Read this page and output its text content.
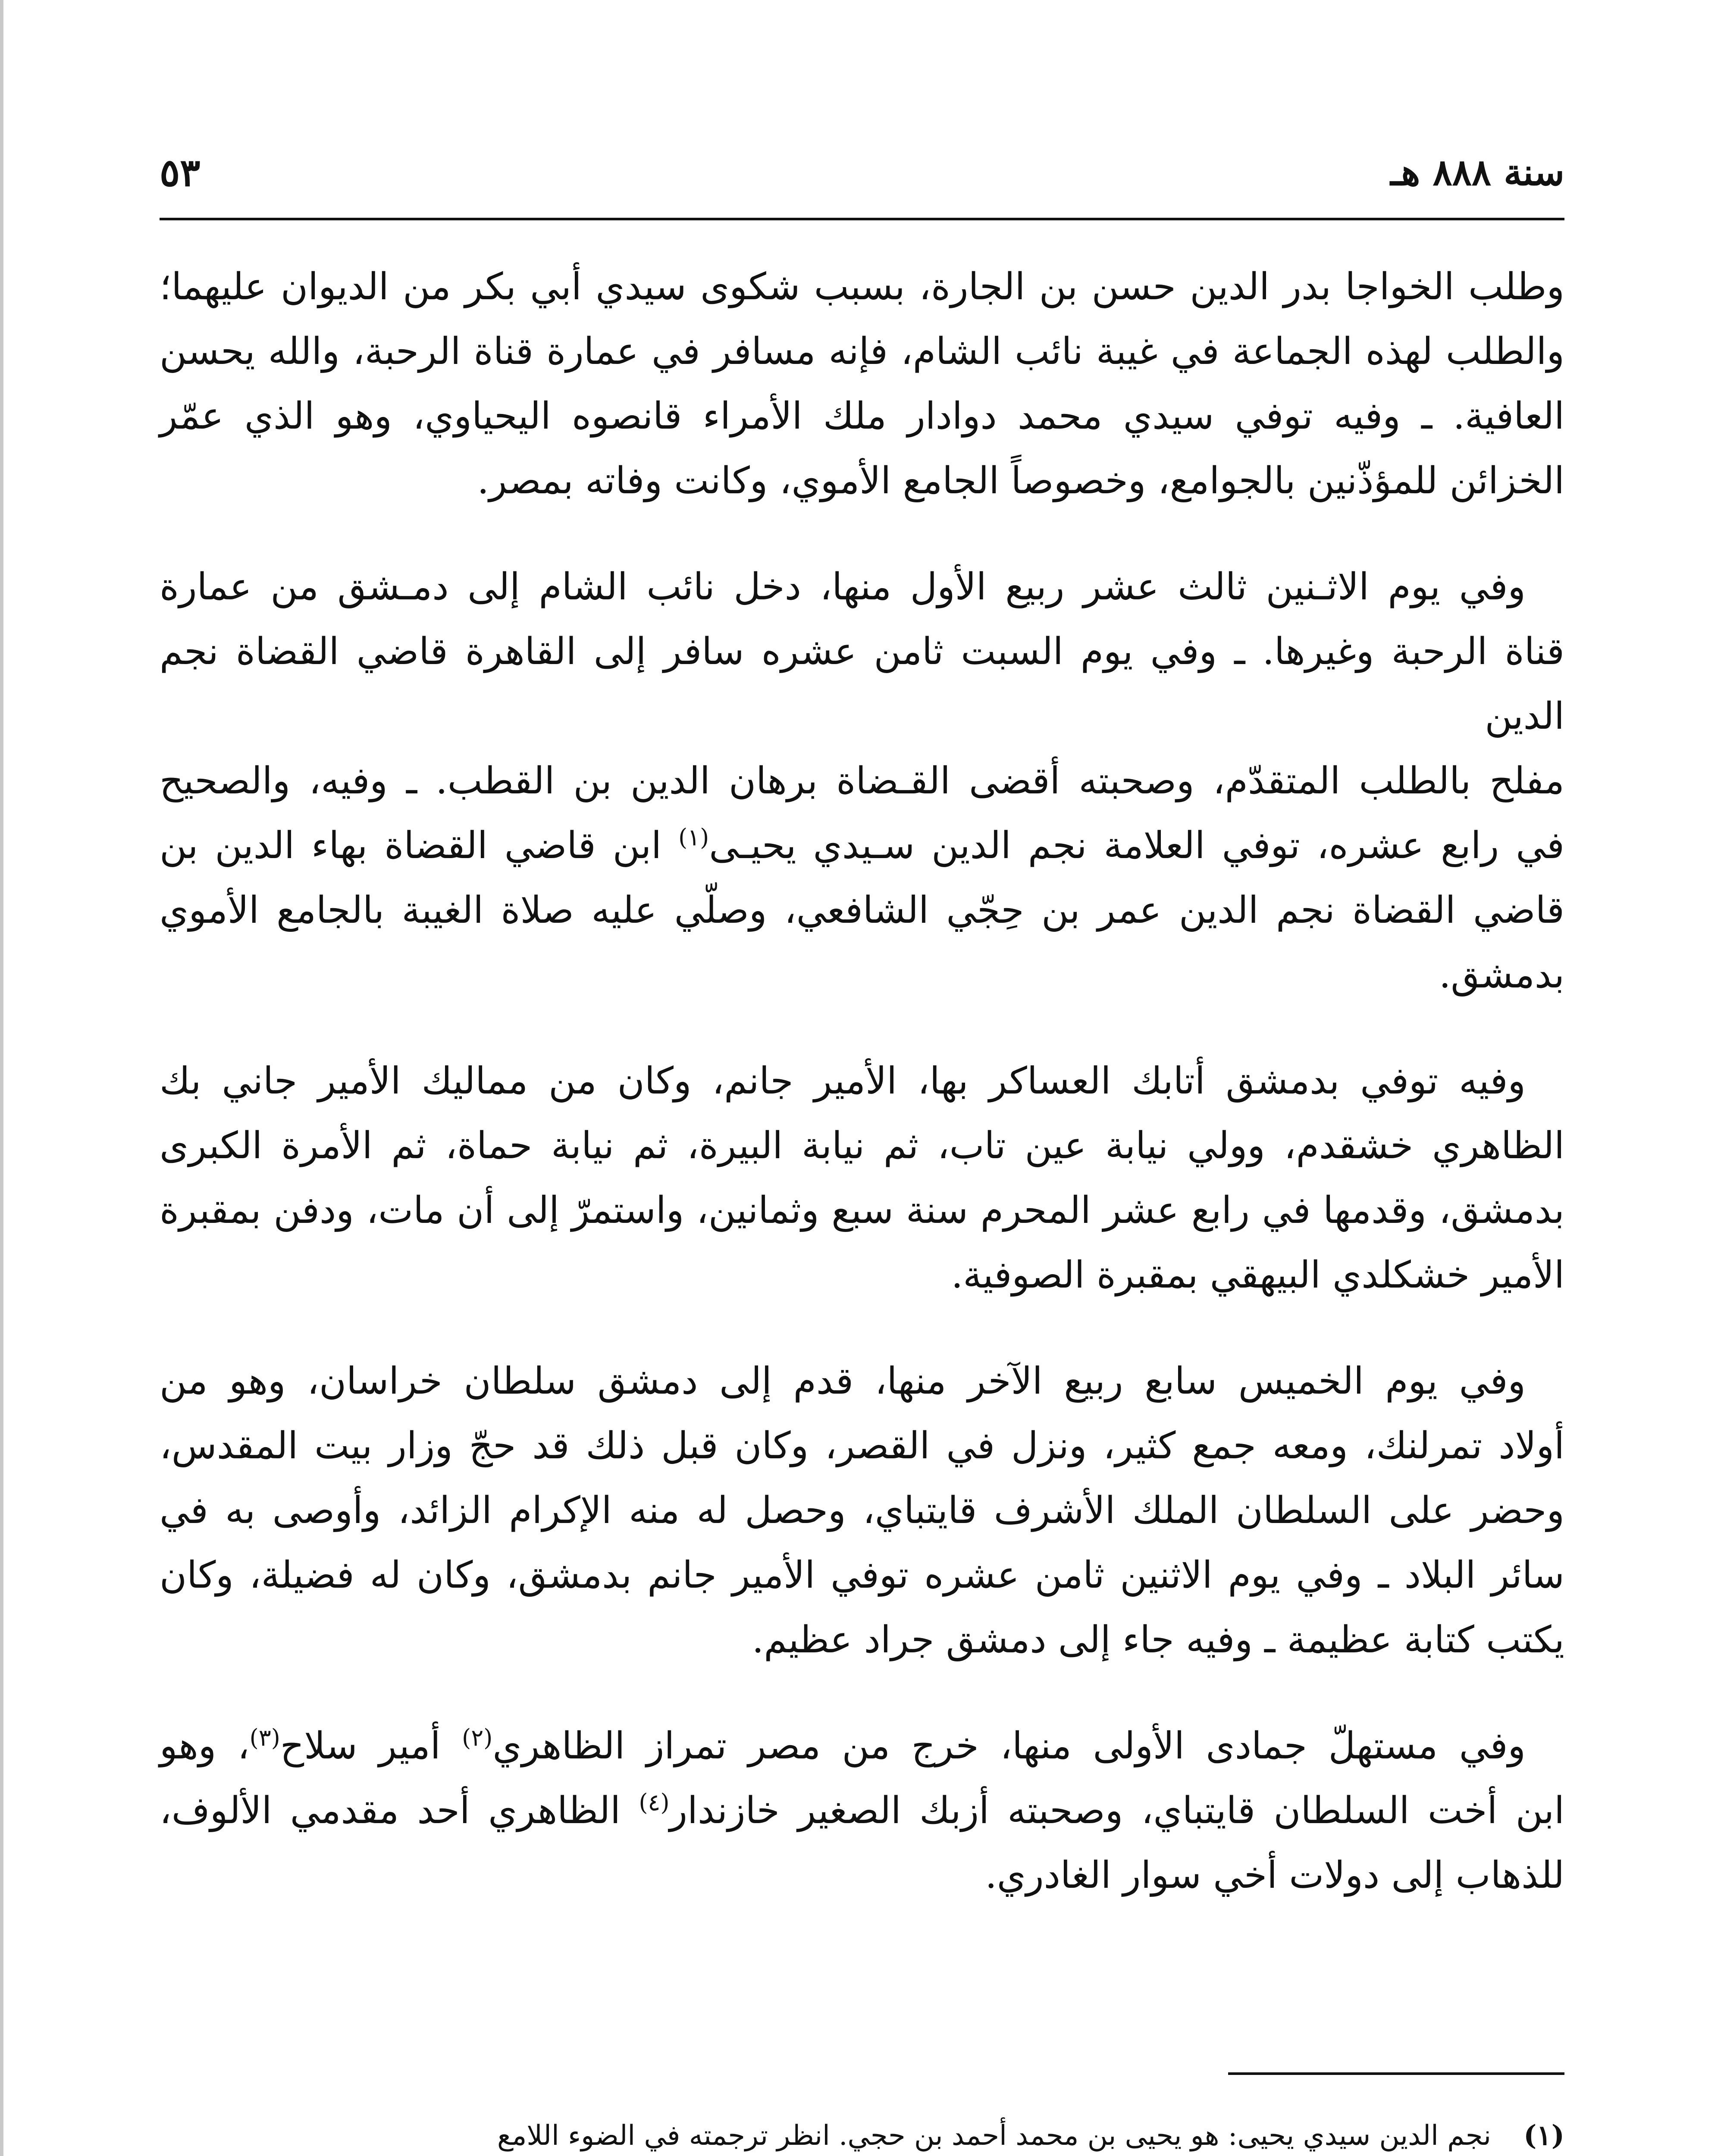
سنة ٨٨٨ هـ
٥٣
وطلب الخواجا بدر الدين حسن بن الجارة، بسبب شكوى سيدي أبي بكر من الديوان عليهما؛
والطلب لهذه الجماعة في غيبة نائب الشام، فإنه مسافر في عمارة قناة الرحبة، والله يحسن
العافية. ـ وفيه توفي سيدي محمد دوادار ملك الأمراء قانصوه اليحياوي، وهو الذي عمّر
الخزائن للمؤذّنين بالجوامع، وخصوصاً الجامع الأموي، وكانت وفاته بمصر.
وفي يوم الاثـنين ثالث عشر ربيع الأول منها، دخل نائب الشام إلى دمـشق من عمارة
قناة الرحبة وغيرها. ـ وفي يوم السبت ثامن عشره سافر إلى القاهرة قاضي القضاة نجم الدين
مفلح بالطلب المتقدّم، وصحبته أقضى القـضاة برهان الدين بن القطب. ـ وفيه، والصحيح
في رابع عشره، توفي العلامة نجم الدين سـيدي يحيـى$^{(١)}$ ابن قاضي القضاة بهاء الدين بن
قاضي القضاة نجم الدين عمر بن حِجّي الشافعي، وصلّي عليه صلاة الغيبة بالجامع الأموي
بدمشق.
وفيه توفي بدمشق أتابك العساكر بها، الأمير جانم، وكان من مماليك الأمير جاني بك
الظاهري خشقدم، وولي نيابة عين تاب، ثم نيابة البيرة، ثم نيابة حماة، ثم الأمرة الكبرى
بدمشق، وقدمها في رابع عشر المحرم سنة سبع وثمانين، واستمرّ إلى أن مات، ودفن بمقبرة
الأمير خشكلدي البيهقي بمقبرة الصوفية.
وفي يوم الخميس سابع ربيع الآخر منها، قدم إلى دمشق سلطان خراسان، وهو من
أولاد تمرلنك، ومعه جمع كثير، ونزل في القصر، وكان قبل ذلك قد حجّ وزار بيت المقدس،
وحضر على السلطان الملك الأشرف قايتباي، وحصل له منه الإكرام الزائد، وأوصى به في
سائر البلاد ـ وفي يوم الاثنين ثامن عشره توفي الأمير جانم بدمشق، وكان له فضيلة، وكان
يكتب كتابة عظيمة ـ وفيه جاء إلى دمشق جراد عظيم.
وفي مستهلّ جمادى الأولى منها، خرج من مصر تمراز الظاهري$^{(٢)}$ أمير سلاح$^{(٣)}$، وهو
ابن أخت السلطان قايتباي، وصحبته أزبك الصغير خازندار$^{(٤)}$ الظاهري أحد مقدمي الألوف،
للذهاب إلى دولات أخي سوار الغادري.
(١)
نجم الدين سيدي يحيى: هو يحيى بن محمد أحمد بن حجي. انظر ترجمته في الضوء اللامع
